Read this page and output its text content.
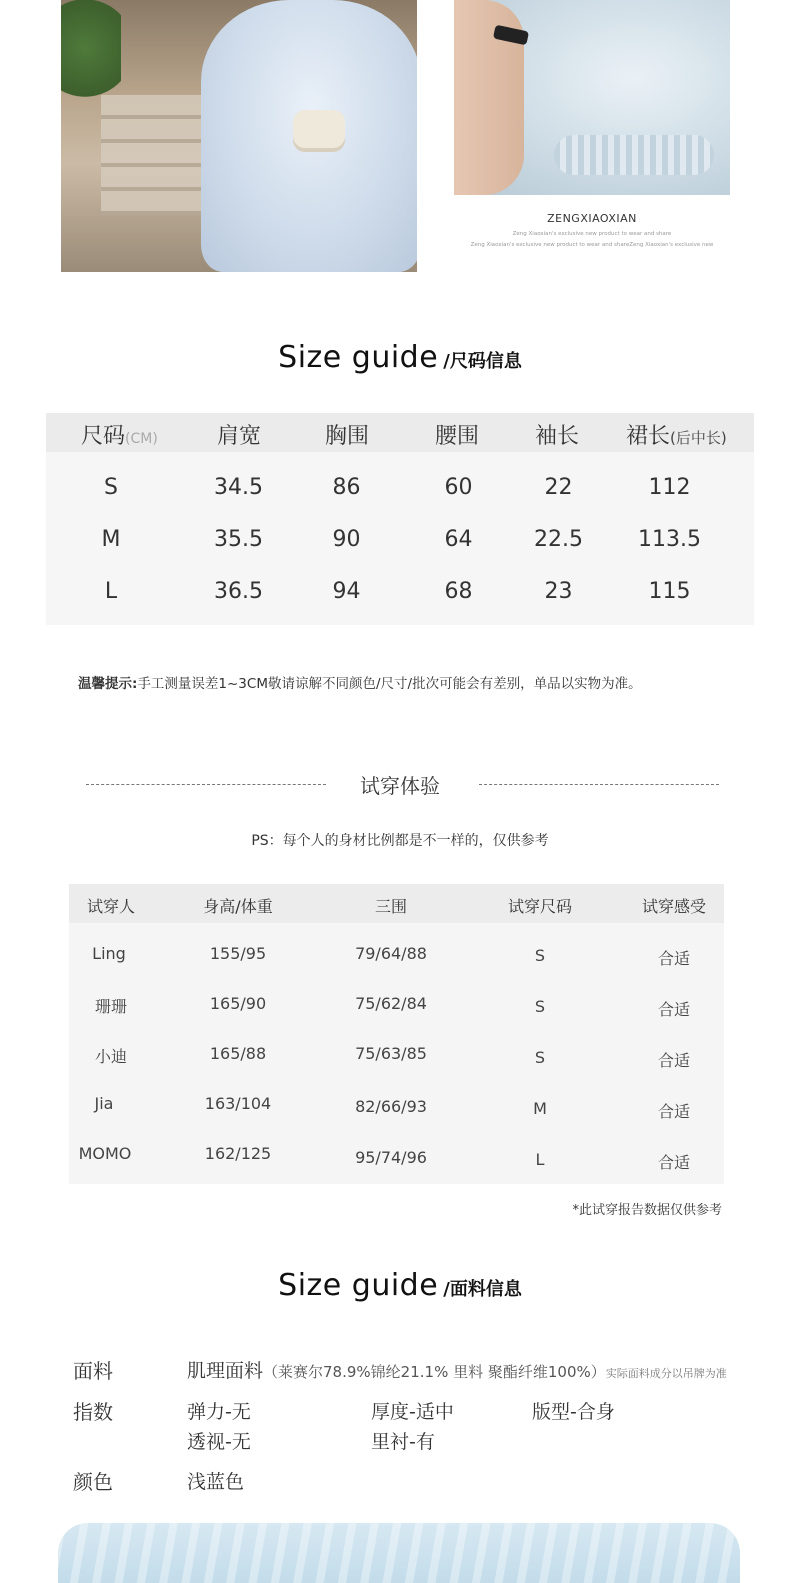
ZENGXIAOXIAN
Zeng Xiaoxian's exclusive new product to wear and share
Zeng Xiaoxian's exclusive new product to wear and shareZeng Xiaoxian's exclusive new
Size guide /尺码信息
尺码(CM)	肩宽	胸围	腰围	袖长 裙长(后中长)
S	34.5	86	60	22	112
M	35.5	90	64	22.5	113.5
L	36.5	94	68	23	115
温馨提示:手工测量误差1~3CM敬请谅解不同颜色/尺寸/批次可能会有差别，单品以实物为准。
试穿体验
PS：每个人的身材比例都是不一样的，仅供参考
试穿人	身高/体重	三围	试穿尺码	试穿感受
Ling	155/95	79/64/88	S	合适
珊珊	165/90	75/62/84	S	合适
小迪	165/88	75/63/85	S	合适
Jia	163/104	82/66/93	M	合适
MOMO	162/125	95/74/96	L	合适
*此试穿报告数据仅供参考
Size guide /面料信息
面料	肌理面料（莱赛尔78.9%锦纶21.1% 里料 聚酯纤维100%）实际面料成分以吊牌为准
指数	弹力-无	厚度-适中	版型-合身
透视-无	里衬-有
颜色	浅蓝色
